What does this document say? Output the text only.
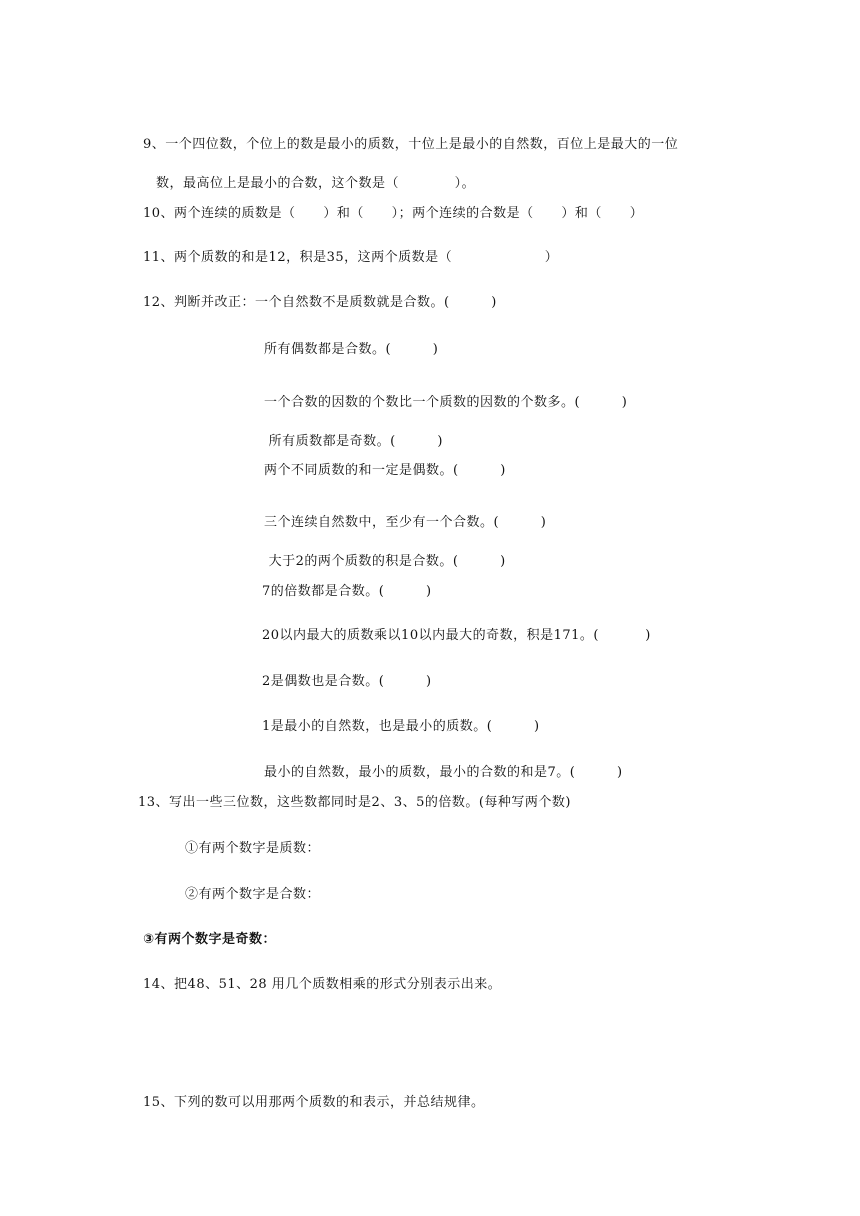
9、一个四位数，个位上的数是最小的质数，十位上是最小的自然数，百位上是最大的一位
数，最高位上是最小的合数，这个数是（            ）。
10、两个连续的质数是（      ）和（      ）；两个连续的合数是（      ）和（      ）
11、两个质数的和是12，积是35，这两个质数是（                    ）
12、判断并改正：一个自然数不是质数就是合数。(         )
所有偶数都是合数。(         )
一个合数的因数的个数比一个质数的因数的个数多。(         )
所有质数都是奇数。(         )
两个不同质数的和一定是偶数。(         )
三个连续自然数中，至少有一个合数。(         )
大于2的两个质数的积是合数。(         )
7的倍数都是合数。(         )
20以内最大的质数乘以10以内最大的奇数，积是171。(          )
2是偶数也是合数。(         )
1是最小的自然数，也是最小的质数。(         )
最小的自然数，最小的质数，最小的合数的和是7。(         )
13、写出一些三位数，这些数都同时是2、3、5的倍数。(每种写两个数)
①有两个数字是质数：
②有两个数字是合数：
③有两个数字是奇数：
14、把48、51、28 用几个质数相乘的形式分别表示出来。
15、下列的数可以用那两个质数的和表示，并总结规律。
